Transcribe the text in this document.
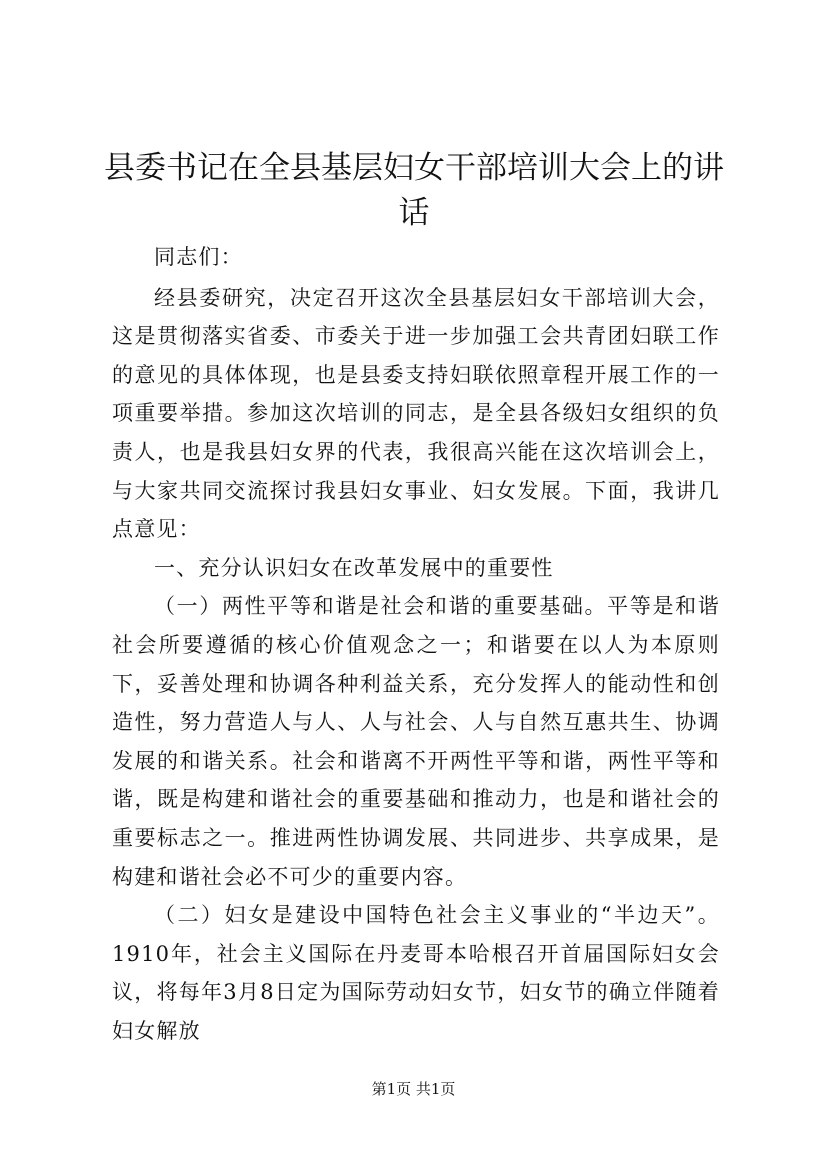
县委书记在全县基层妇女干部培训大会上的讲话

同志们：

经县委研究，决定召开这次全县基层妇女干部培训大会，这是贯彻落实省委、市委关于进一步加强工会共青团妇联工作的意见的具体体现，也是县委支持妇联依照章程开展工作的一项重要举措。参加这次培训的同志，是全县各级妇女组织的负责人，也是我县妇女界的代表，我很高兴能在这次培训会上，与大家共同交流探讨我县妇女事业、妇女发展。下面，我讲几点意见：

一、充分认识妇女在改革发展中的重要性

（一）两性平等和谐是社会和谐的重要基础。平等是和谐社会所要遵循的核心价值观念之一；和谐要在以人为本原则下，妥善处理和协调各种利益关系，充分发挥人的能动性和创造性，努力营造人与人、人与社会、人与自然互惠共生、协调发展的和谐关系。社会和谐离不开两性平等和谐，两性平等和谐，既是构建和谐社会的重要基础和推动力，也是和谐社会的重要标志之一。推进两性协调发展、共同进步、共享成果，是构建和谐社会必不可少的重要内容。

（二）妇女是建设中国特色社会主义事业的“半边天”。1910年，社会主义国际在丹麦哥本哈根召开首届国际妇女会议，将每年3月8日定为国际劳动妇女节，妇女节的确立伴随着妇女解放

第1页 共1页
